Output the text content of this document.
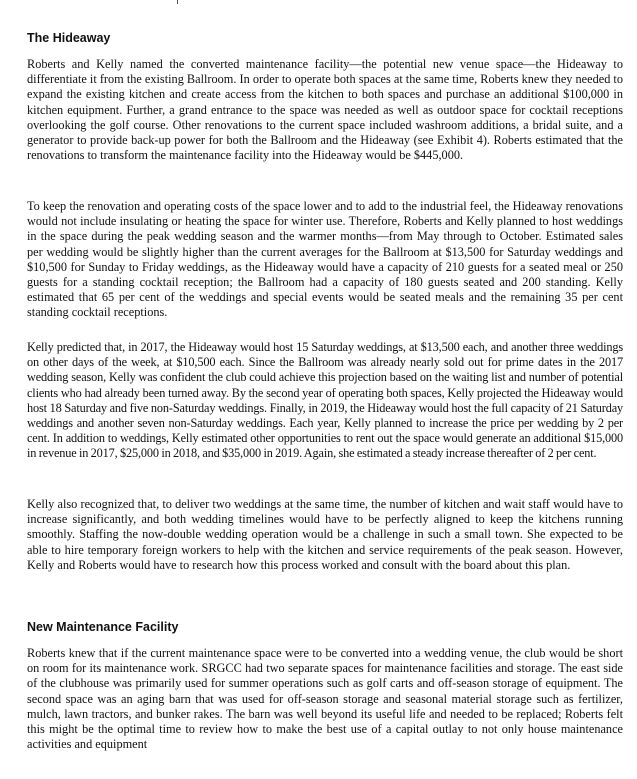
The Hideaway

Roberts and Kelly named the converted maintenance facility—the potential new venue space—the Hideaway to differentiate it from the existing Ballroom. In order to operate both spaces at the same time, Roberts knew they needed to expand the existing kitchen and create access from the kitchen to both spaces and purchase an additional $100,000 in kitchen equipment. Further, a grand entrance to the space was needed as well as outdoor space for cocktail receptions overlooking the golf course. Other renovations to the current space included washroom additions, a bridal suite, and a generator to provide back-up power for both the Ballroom and the Hideaway (see Exhibit 4). Roberts estimated that the renovations to transform the maintenance facility into the Hideaway would be $445,000.

To keep the renovation and operating costs of the space lower and to add to the industrial feel, the Hideaway renovations would not include insulating or heating the space for winter use. Therefore, Roberts and Kelly planned to host weddings in the space during the peak wedding season and the warmer months—from May through to October. Estimated sales per wedding would be slightly higher than the current averages for the Ballroom at $13,500 for Saturday weddings and $10,500 for Sunday to Friday weddings, as the Hideaway would have a capacity of 210 guests for a seated meal or 250 guests for a standing cocktail reception; the Ballroom had a capacity of 180 guests seated and 200 standing. Kelly estimated that 65 per cent of the weddings and special events would be seated meals and the remaining 35 per cent standing cocktail receptions.

Kelly predicted that, in 2017, the Hideaway would host 15 Saturday weddings, at $13,500 each, and another three weddings on other days of the week, at $10,500 each. Since the Ballroom was already nearly sold out for prime dates in the 2017 wedding season, Kelly was confident the club could achieve this projection based on the waiting list and number of potential clients who had already been turned away. By the second year of operating both spaces, Kelly projected the Hideaway would host 18 Saturday and five non-Saturday weddings. Finally, in 2019, the Hideaway would host the full capacity of 21 Saturday weddings and another seven non-Saturday weddings. Each year, Kelly planned to increase the price per wedding by 2 per cent. In addition to weddings, Kelly estimated other opportunities to rent out the space would generate an additional $15,000 in revenue in 2017, $25,000 in 2018, and $35,000 in 2019. Again, she estimated a steady increase thereafter of 2 per cent.

Kelly also recognized that, to deliver two weddings at the same time, the number of kitchen and wait staff would have to increase significantly, and both wedding timelines would have to be perfectly aligned to keep the kitchens running smoothly. Staffing the now-double wedding operation would be a challenge in such a small town. She expected to be able to hire temporary foreign workers to help with the kitchen and service requirements of the peak season. However, Kelly and Roberts would have to research how this process worked and consult with the board about this plan.

New Maintenance Facility

Roberts knew that if the current maintenance space were to be converted into a wedding venue, the club would be short on room for its maintenance work. SRGCC had two separate spaces for maintenance facilities and storage. The east side of the clubhouse was primarily used for summer operations such as golf carts and off-season storage of equipment. The second space was an aging barn that was used for off-season storage and seasonal material storage such as fertilizer, mulch, lawn tractors, and bunker rakes. The barn was well beyond its useful life and needed to be replaced; Roberts felt this might be the optimal time to review how to make the best use of a capital outlay to not only house maintenance activities and equipment
